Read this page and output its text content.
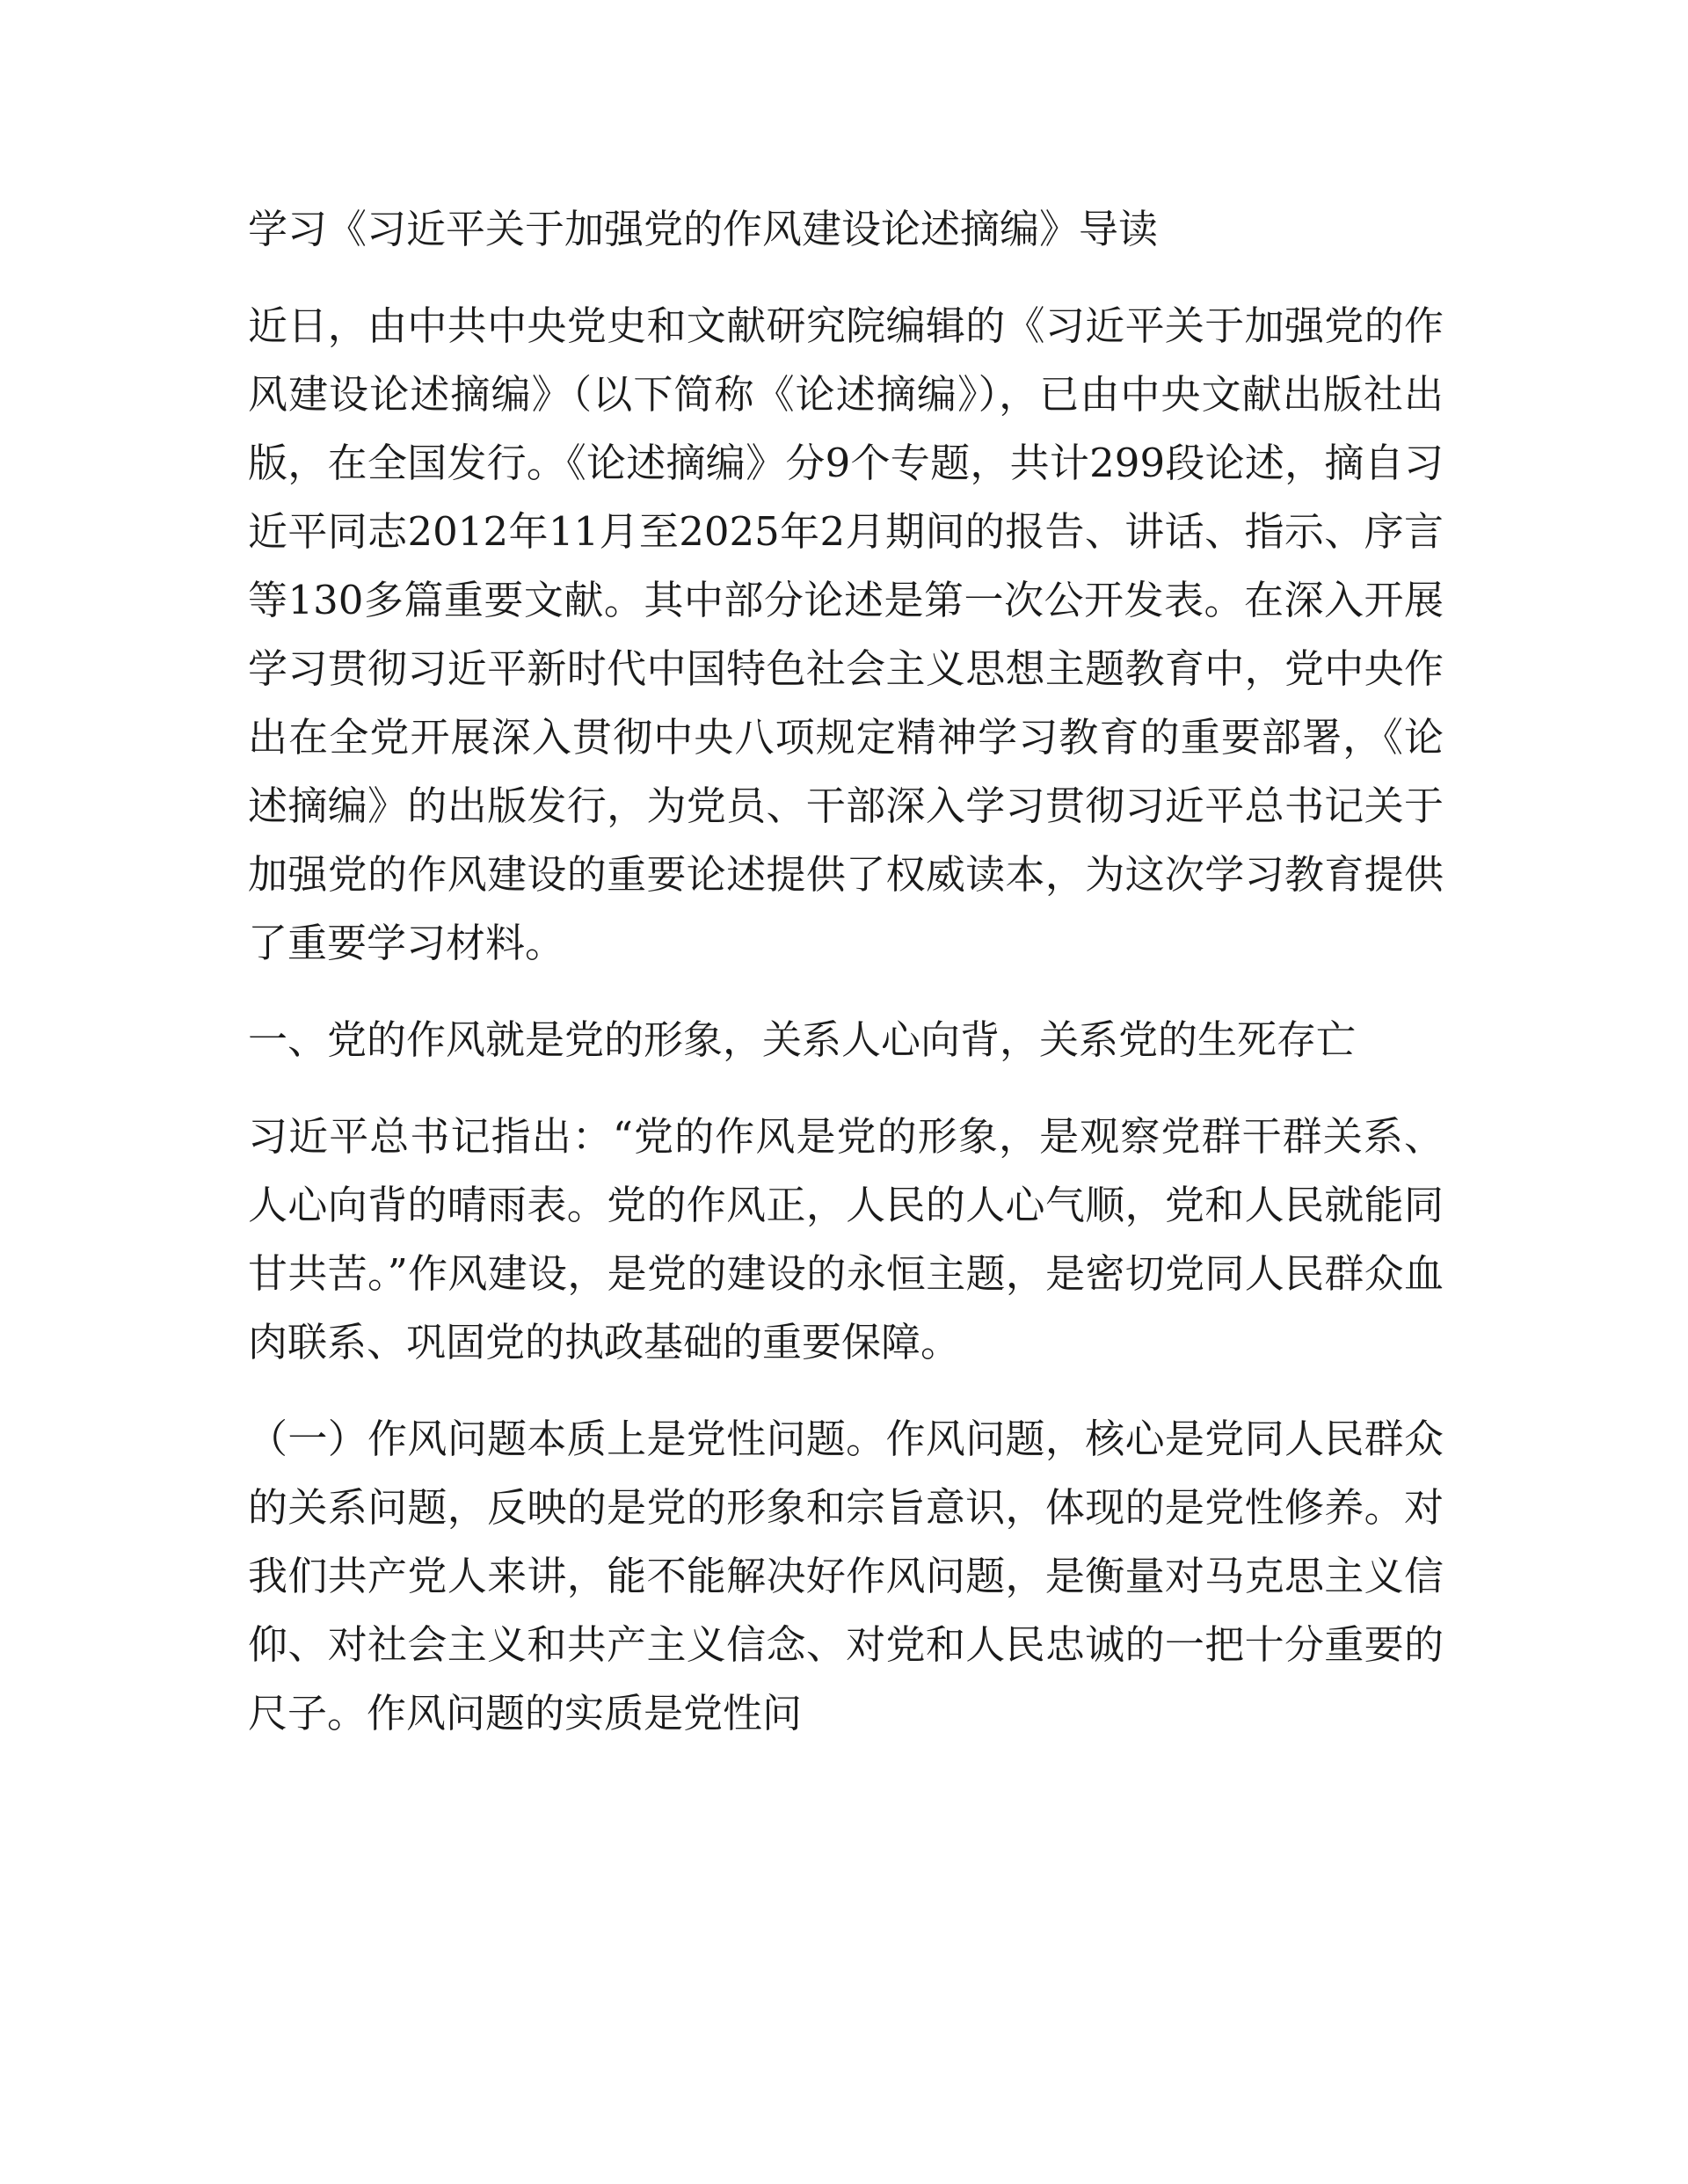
学习《习近平关于加强党的作风建设论述摘编》导读

近日，由中共中央党史和文献研究院编辑的《习近平关于加强党的作风建设论述摘编》（以下简称《论述摘编》），已由中央文献出版社出版，在全国发行。《论述摘编》分9个专题，共计299段论述，摘自习近平同志2012年11月至2025年2月期间的报告、讲话、指示、序言等130多篇重要文献。其中部分论述是第一次公开发表。在深入开展学习贯彻习近平新时代中国特色社会主义思想主题教育中，党中央作出在全党开展深入贯彻中央八项规定精神学习教育的重要部署，《论述摘编》的出版发行，为党员、干部深入学习贯彻习近平总书记关于加强党的作风建设的重要论述提供了权威读本，为这次学习教育提供了重要学习材料。

一、党的作风就是党的形象，关系人心向背，关系党的生死存亡

习近平总书记指出：“党的作风是党的形象，是观察党群干群关系、人心向背的晴雨表。党的作风正，人民的人心气顺，党和人民就能同甘共苦。”作风建设，是党的建设的永恒主题，是密切党同人民群众血肉联系、巩固党的执政基础的重要保障。

（一）作风问题本质上是党性问题。作风问题，核心是党同人民群众的关系问题，反映的是党的形象和宗旨意识，体现的是党性修养。对我们共产党人来讲，能不能解决好作风问题，是衡量对马克思主义信仰、对社会主义和共产主义信念、对党和人民忠诚的一把十分重要的尺子。作风问题的实质是党性问
